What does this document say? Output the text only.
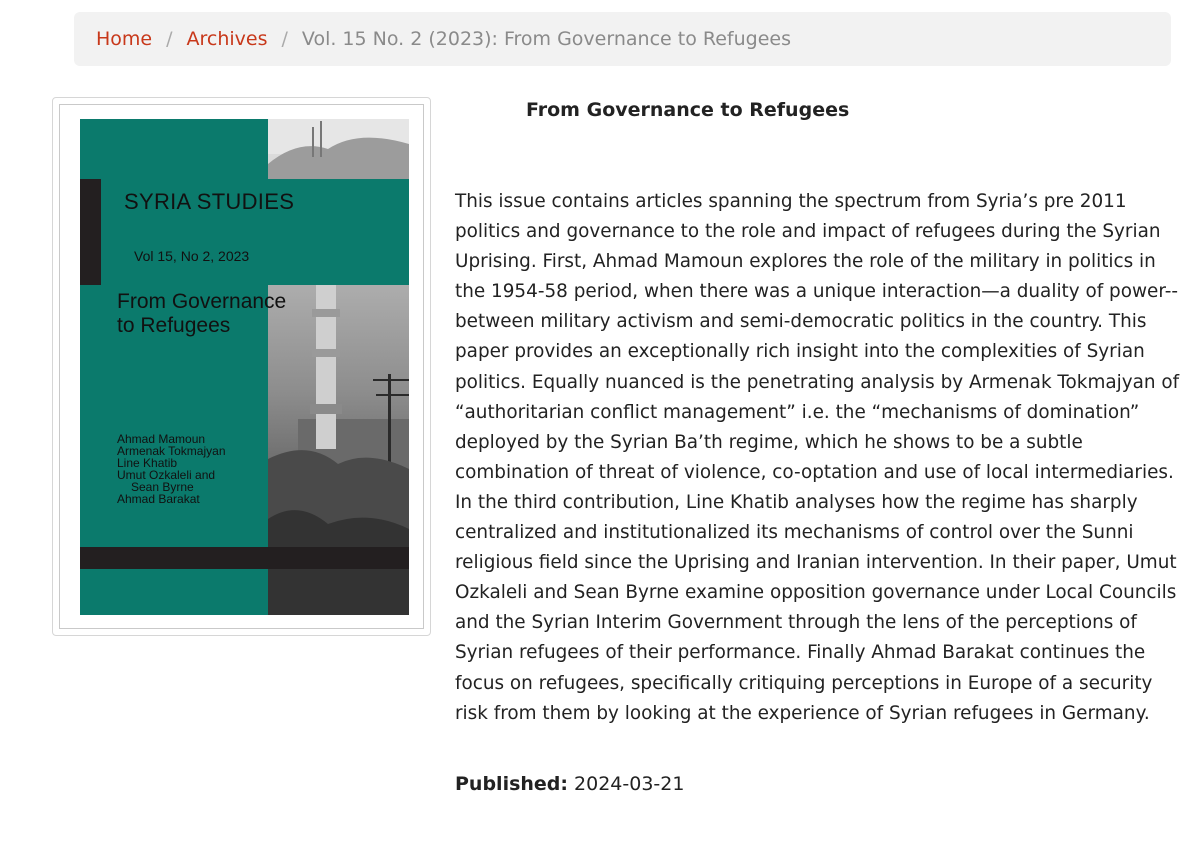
Home / Archives / Vol. 15 No. 2 (2023): From Governance to Refugees
SYRIA STUDIES
Vol 15, No 2, 2023
From Governance
to Refugees
Ahmad Mamoun
Armenak Tokmajyan
Line Khatib
Umut Ozkaleli and
Sean Byrne
Ahmad Barakat
From Governance to Refugees
This issue contains articles spanning the spectrum from Syria’s pre 2011 politics and governance to the role and impact of refugees during the Syrian Uprising. First, Ahmad Mamoun explores the role of the military in politics in the 1954-58 period, when there was a unique interaction—a duality of power--between military activism and semi-democratic politics in the country. This paper provides an exceptionally rich insight into the complexities of Syrian politics. Equally nuanced is the penetrating analysis by Armenak Tokmajyan of “authoritarian conflict management” i.e. the “mechanisms of domination” deployed by the Syrian Ba’th regime, which he shows to be a subtle combination of threat of violence, co-optation and use of local intermediaries. In the third contribution, Line Khatib analyses how the regime has sharply centralized and institutionalized its mechanisms of control over the Sunni religious field since the Uprising and Iranian intervention. In their paper, Umut Ozkaleli and Sean Byrne examine opposition governance under Local Councils and the Syrian Interim Government through the lens of the perceptions of Syrian refugees of their performance. Finally Ahmad Barakat continues the focus on refugees, specifically critiquing perceptions in Europe of a security risk from them by looking at the experience of Syrian refugees in Germany.
Published: 2024-03-21
